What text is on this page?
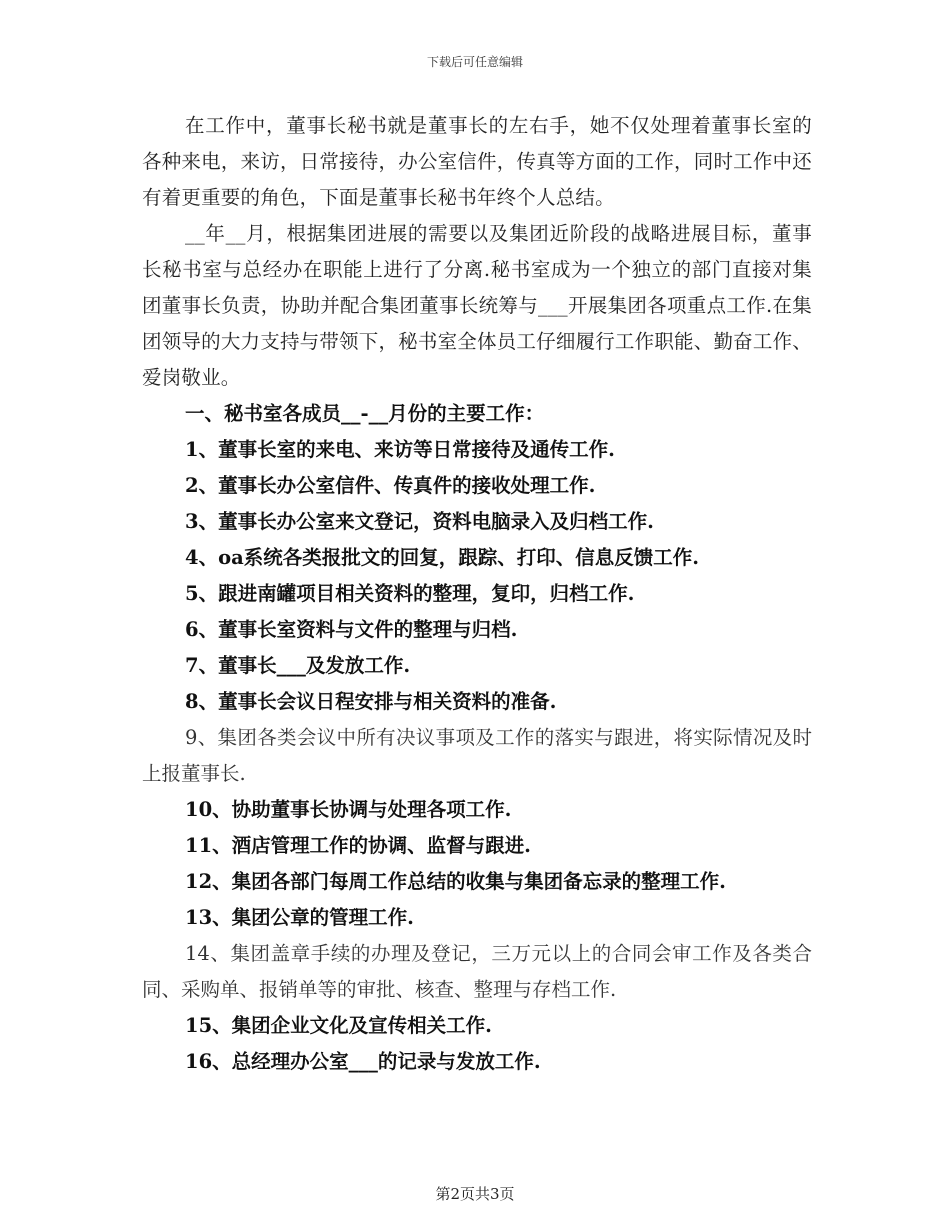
下载后可任意编辑

在工作中，董事长秘书就是董事长的左右手，她不仅处理着董事长室的各种来电，来访，日常接待，办公室信件，传真等方面的工作，同时工作中还有着更重要的角色，下面是董事长秘书年终个人总结。

__年__月，根据集团进展的需要以及集团近阶段的战略进展目标，董事长秘书室与总经办在职能上进行了分离.秘书室成为一个独立的部门直接对集团董事长负责，协助并配合集团董事长统筹与___开展集团各项重点工作.在集团领导的大力支持与带领下，秘书室全体员工仔细履行工作职能、勤奋工作、爱岗敬业。

一、秘书室各成员__-__月份的主要工作：

1、董事长室的来电、来访等日常接待及通传工作.

2、董事长办公室信件、传真件的接收处理工作.

3、董事长办公室来文登记，资料电脑录入及归档工作.

4、oa系统各类报批文的回复，跟踪、打印、信息反馈工作.

5、跟进南罐项目相关资料的整理，复印，归档工作.

6、董事长室资料与文件的整理与归档.

7、董事长___及发放工作.

8、董事长会议日程安排与相关资料的准备.

9、集团各类会议中所有决议事项及工作的落实与跟进，将实际情况及时上报董事长.

10、协助董事长协调与处理各项工作.

11、酒店管理工作的协调、监督与跟进.

12、集团各部门每周工作总结的收集与集团备忘录的整理工作.

13、集团公章的管理工作.

14、集团盖章手续的办理及登记，三万元以上的合同会审工作及各类合同、采购单、报销单等的审批、核查、整理与存档工作.

15、集团企业文化及宣传相关工作.

16、总经理办公室___的记录与发放工作.

第2页共3页
